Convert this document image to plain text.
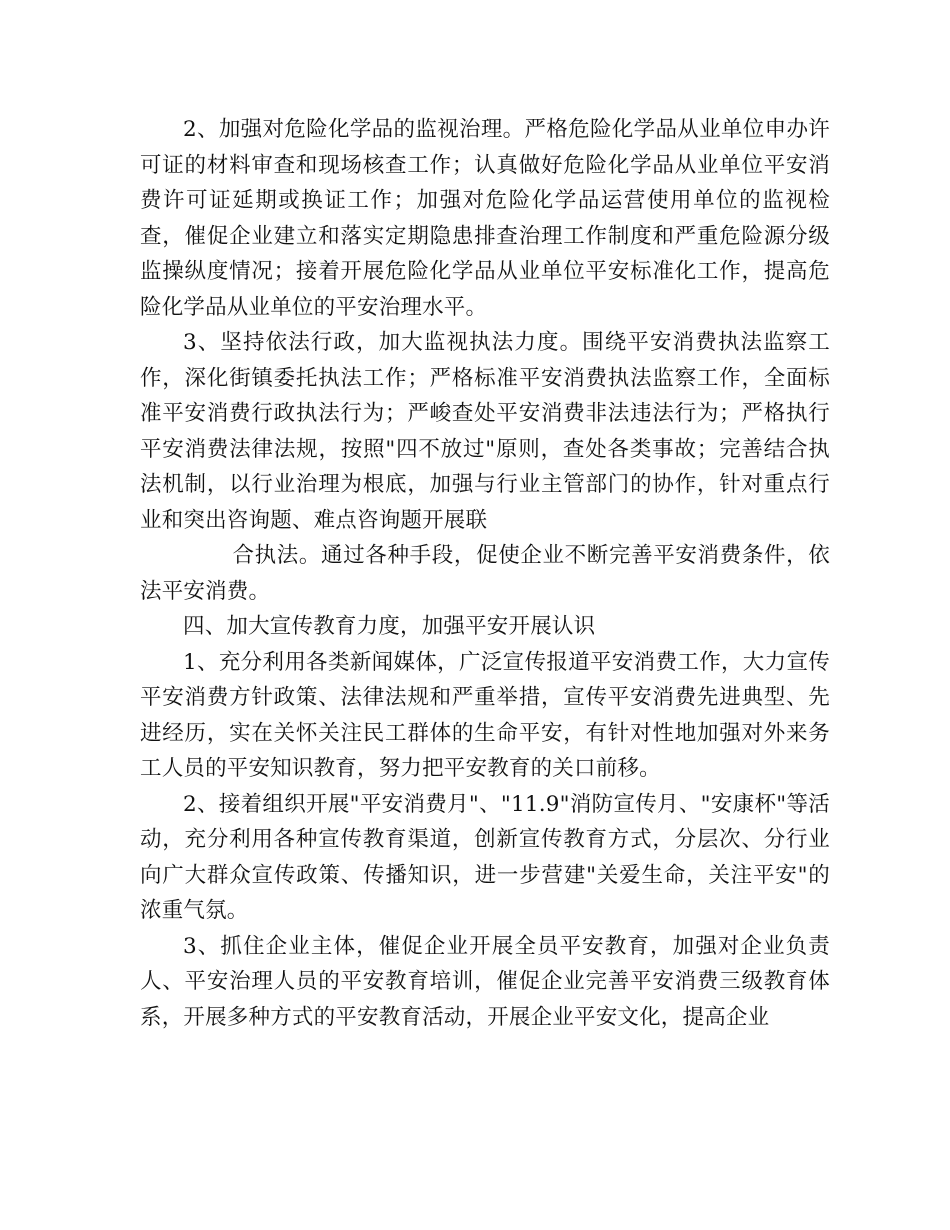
2、加强对危险化学品的监视治理。严格危险化学品从业单位申办许可证的材料审查和现场核查工作；认真做好危险化学品从业单位平安消费许可证延期或换证工作；加强对危险化学品运营使用单位的监视检查，催促企业建立和落实定期隐患排查治理工作制度和严重危险源分级监操纵度情况；接着开展危险化学品从业单位平安标准化工作，提高危险化学品从业单位的平安治理水平。

3、坚持依法行政，加大监视执法力度。围绕平安消费执法监察工作，深化街镇委托执法工作；严格标准平安消费执法监察工作，全面标准平安消费行政执法行为；严峻查处平安消费非法违法行为；严格执行平安消费法律法规，按照"四不放过"原则，查处各类事故；完善结合执法机制，以行业治理为根底，加强与行业主管部门的协作，针对重点行业和突出咨询题、难点咨询题开展联

合执法。通过各种手段，促使企业不断完善平安消费条件，依法平安消费。

四、加大宣传教育力度，加强平安开展认识

1、充分利用各类新闻媒体，广泛宣传报道平安消费工作，大力宣传平安消费方针政策、法律法规和严重举措，宣传平安消费先进典型、先进经历，实在关怀关注民工群体的生命平安，有针对性地加强对外来务工人员的平安知识教育，努力把平安教育的关口前移。

2、接着组织开展"平安消费月"、"11.9"消防宣传月、"安康杯"等活动，充分利用各种宣传教育渠道，创新宣传教育方式，分层次、分行业向广大群众宣传政策、传播知识，进一步营建"关爱生命，关注平安"的浓重气氛。

3、抓住企业主体，催促企业开展全员平安教育，加强对企业负责人、平安治理人员的平安教育培训，催促企业完善平安消费三级教育体系，开展多种方式的平安教育活动，开展企业平安文化，提高企业
